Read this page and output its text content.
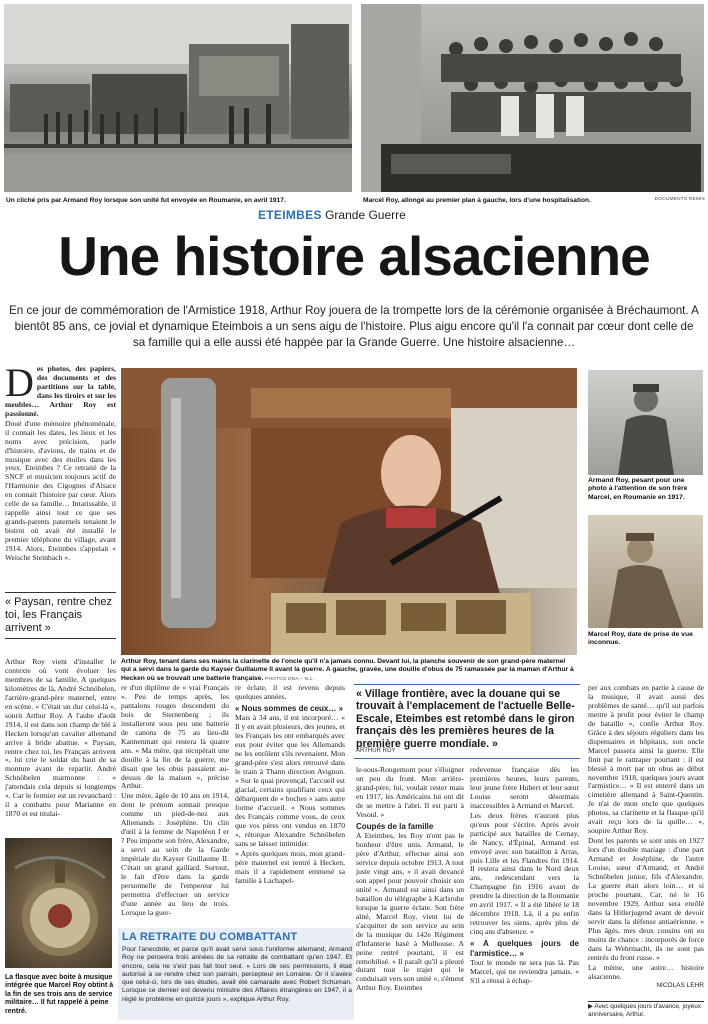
Un cliché pris par Armand Roy lorsque son unité fut envoyée en Roumanie, en avril 1917.	Marcel Roy, allongé au premier plan à gauche, lors d'une hospitalisation.	DOCUMENTS REMIS
ETEIMBES Grande Guerre
Une histoire alsacienne

En ce jour de commémoration de l'Armistice 1918, Arthur Roy jouera de la trompette lors de la cérémonie organisée à Bréchaumont. A bientôt 85 ans, ce jovial et dynamique Eteimbois a un sens aigu de l'histoire. Plus aigu encore qu'il l'a connait par cœur dont celle de sa famille qui a elle aussi été happée par la Grande Guerre. Une histoire alsacienne…

D es photos, des papiers, des documents et des partitions sur la table, dans les tiroirs et sur les meubles… Arthur Roy est passionné.

Doué d'une mémoire phénoménale, il connait les dates, les lieux et les noms avec précision, parle d'histoire, d'avions, de trains et de musique avec des étoiles dans les yeux. Eteimbes ? Ce retraité de la SNCF et musicien toujours actif de l'Harmonie des Cigognes d'Alsace en connait l'histoire par cœur. Alors celle de sa famille… Intarissable, il rappelle ainsi tout ce que ses grands-parents paternels tenaient le bistrot où avait été installé le premier téléphone du village, avant 1914. Alors, Eteimbes s'appelait « Weische Steinbach ».

« Paysan, rentre chez toi, les Français arrivent »

Arthur Roy vient d'installer le contexte où vont évoluer les membres de sa famille. A quelques kilomètres de là, André Schnöbelen, l'arrière-grand-père maternel, entre en scène. « C'était un dur celui-là », sourit Arthur Roy. A l'aube d'août 1914, il est dans son champ de blé à Hecken lorsqu'un cavalier allemand arrive à bride abattue. « Paysan, rentre chez toi, les Français arrivent », lui crie le soldat du haut de sa monture avant de repartir. André Schnöbelen marmonne : « j'attendais cela depuis si longtemps ». Car le fermier est un revanchard : il a combattu pour Marianne en 1870 et est titulai-

La flasque avec boite à musique intégrée que Marcel Roy obtint à la fin de ses trois ans de service militaire… Il fut rappelé à peine rentré.
Arthur Roy, tenant dans ses mains la clarinette de l'oncle qu'il n'a jamais connu. Devant lui, la planche souvenir de son grand-père maternel qui a servi dans la garde du Kayser Guillaume II avant la guerre. A gauche, gravée, une douille d'obus de 75 ramassée par la maman d'Arthur à Hecken où se trouvait une batterie française. PHOTOS DNA – N.L.
Armand Roy, pesant pour une photo à l'attention de son frère Marcel, en Roumanie en 1917.
Marcel Roy, date de prise de vue inconnue.

re d'un diplôme de « vrai Français ». Peu de temps après, les pantalons rouges descendent du bois de Sternenberg ; ils installeront sous peu une batterie de canons de 75 au lieu-dit Kannenmatt qui restera là quatre ans. « Ma mère, qui récupérait une douille à la fin de la guerre, me disait que les obus passaient au-dessus de la maison », précise Arthur.

Une mère, âgée de 10 ans en 1914, dont le prénom sonnait presque comme un pied-de-nez aux Allemands : Joséphine. Un clin d'œil à la femme de Napoléon I er ? Peu importe son frère, Alexandre, a servi au sein de la Garde impériale du Kayser Guillaume II. C'était un grand gaillard. Surtout, le fait d'être dans la garde personnelle de l'empereur lui permettra d'effectuer un service d'une année au lieu de trois. Lorsque la guer-

re éclate, il est revenu depuis quelques années.

« Nous sommes de ceux… »

Mais à 34 ans, il est incorporé… « Il y en avait plusieurs, des jeunes, et les Français les ont embarqués avec eux pour éviter que les Allemands ne les enrôlent s'ils revenaient. Mon grand-père s'est alors retrouvé dans le train à Thann direction Avignon. » Sur le quai provençal, l'accueil est glacial, certains qualifiant ceux qui débarquent de « boches » sans autre forme d'accueil. « Nous sommes des Français comme vous, de ceux que vos pères ont vendus en 1870 », rétorque Alexandre Schnöbelen sans se laisser intimider.

« Après quelques mois, mon grand-père maternel est rentré à Hecken, mais il a rapidement emmené sa famille à Lachapel-

LA RETRAITE DU COMBATTANT
Pour l'anecdote, et parce qu'il avait servi sous l'uniforme allemand, Armand Roy ne percevra trois années de sa retraite de combattant qu'en 1947. Et encore, cela ne s'est pas fait tout seul. « Lors de ses permissions, il était autorisé à se rendre chez son parrain, percepteur en Lorraine. Or il s'avère que celui-ci, lors de ses études, avait été camarade avec Robert Schuman. Lorsque ce dernier est devenu ministre des Affaires étrangères en 1947, il a réglé le problème en quinze jours », explique Arthur Roy.
« Village frontière, avec la douane qui se trouvait à l'emplacement de l'actuelle Belle-Escale, Eteimbes est retombé dans le giron français dès les premières heures de la première guerre mondiale. »
ARTHUR ROY

le-sous-Rougemont pour s'éloigner un peu du front. Mon arrière-grand-père, lui, voulait rester mais en 1917, les Américains lui ont dit de se mettre à l'abri. Il est parti à Vesoul. »

Coupés de la famille

A Eteimbes, les Roy n'ont pas le bonheur d'être unis. Armand, le père d'Arthur, effectue ainsi son service depuis octobre 1913. A tout juste vingt ans, « il avait devancé son appel pour pouvoir choisir son unité ». Armand est ainsi dans un bataillon du télégraphe à Karlsruhe lorsque la guerre éclate. Son frère aîné, Marcel Roy, vient lui de s'acquitter de son service au sein de la musique du 142e Régiment d'Infanterie basé à Mulhouse. A peine rentré pourtant, il est remobilisé. « Il paraît qu'il a pleuré durant tout le trajet qui le conduisait vers son unité », s'émeut Arthur Roy. Eteimbes

redevenue française dès les premières heures, leurs parents, leur jeune frère Hubert et leur sœur Louise seront désormais inaccessibles à Armand et Marcel.

Les deux frères n'auront plus qu'eux pour s'écrire. Après avoir participé aux batailles de Cernay, de Nancy, d'Épinal, Armand est envoyé avec son bataillon à Arras, puis Lille et les Flandres fin 1914. Il restera ainsi dans le Nord deux ans, redescendant vers la Champagne fin 1916 avant de prendre la direction de la Roumanie en avril 1917. « Il a été libéré le 18 décembre 1918. Là, il a pu enfin retrouver les siens, après plus de cinq ans d'absence. »

« A quelques jours de l'armistice… »

Tout le monde ne sera pas là. Pas Marcel, qui ne reviendra jamais. « S'il a réussi à échap-

per aux combats en partie à cause de la musique, il avait aussi des problèmes de santé… qu'il sut parfois mettre à profit pour éviter le champ de bataille », confie Arthur Roy. Grâce à des séjours réguliers dans les dispensaires et hôpitaux, son oncle Marcel passera ainsi la guerre. Elle finit par le rattraper pourtant : il est blessé à mort par un obus au début novembre 1918, quelques jours avant l'armistice… « Il est enterré dans un cimetière allemand à Saint-Quentin. Je n'ai de mon oncle que quelques photos, sa clarinette et la flasque qu'il avait reçu lors de la quille… », soupire Arthur Roy.

Dont les parents se sont unis en 1927 lors d'un double mariage : d'une part Armand et Joséphine, de l'autre Louise, sœur d'Armand, et André Schnöbelen junior, fils d'Alexandre. La guerre était alors loin… et si proche pourtant. Car, né le 16 novembre 1929, Arthur sera enrôlé dans la Hitlerjugend avant de devoir servir dans la défense antiaérienne. « Plus âgés, mes deux cousins ont eu moins de chance : incorporés de force dans la Wehrmacht, ils ne sont pas rentrés du front russe. »

La même, une autre… histoire alsacienne.

NICOLAS LEHR

▶ Avec quelques jours d'avance, joyeux anniversaire, Arthur.
